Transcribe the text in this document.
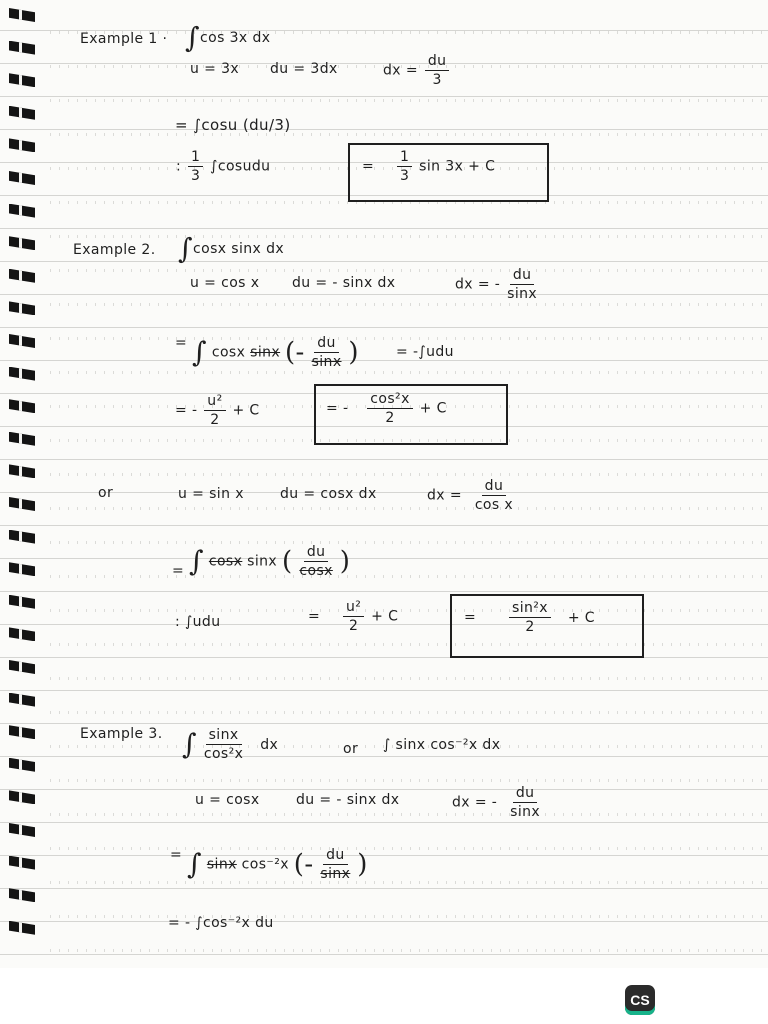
Example 1 · ∫cos 3x dx
u = 3x du = 3dx	dx = $\frac{du}{3}$
= ∫cosu (du/3)
: $\frac{1}{3}$ ∫cosudu	= $\frac{1}{3}$ sin 3x + C
Example 2. ∫cosx sinx dx
u = cos x du = - sinx dx	dx = - $\frac{du}{\sin x}$
= ∫ cosx sinx (- $\frac{du}{\sin x}$ )	= -∫udu
= - $\frac{\text{u²}}{2} + C$	= - $\frac{\text{cos²x}}{2} + C$
or	u = sin x	du = cosx dx	dx = $\frac{du}{\text{cos x}}$
= ∫ cosx sinx ( $\frac{du}{\cos x}$ )
: ∫udu	= $\frac{\text{u²}}{2} + C$	= $\frac{\text{sin²x}}{2} + C$
Example 3. ∫ $\frac{\sin x}{\text{cos²x}}$ dx	or ∫ sinx cos⁻²x dx
u = cosx	du = - sinx dx	dx = - $\frac{du}{\sin x}$
= ∫ sinx cos⁻²x (- $\frac{du}{\sin x}$ )
= - ∫cos⁻²x du
CS
